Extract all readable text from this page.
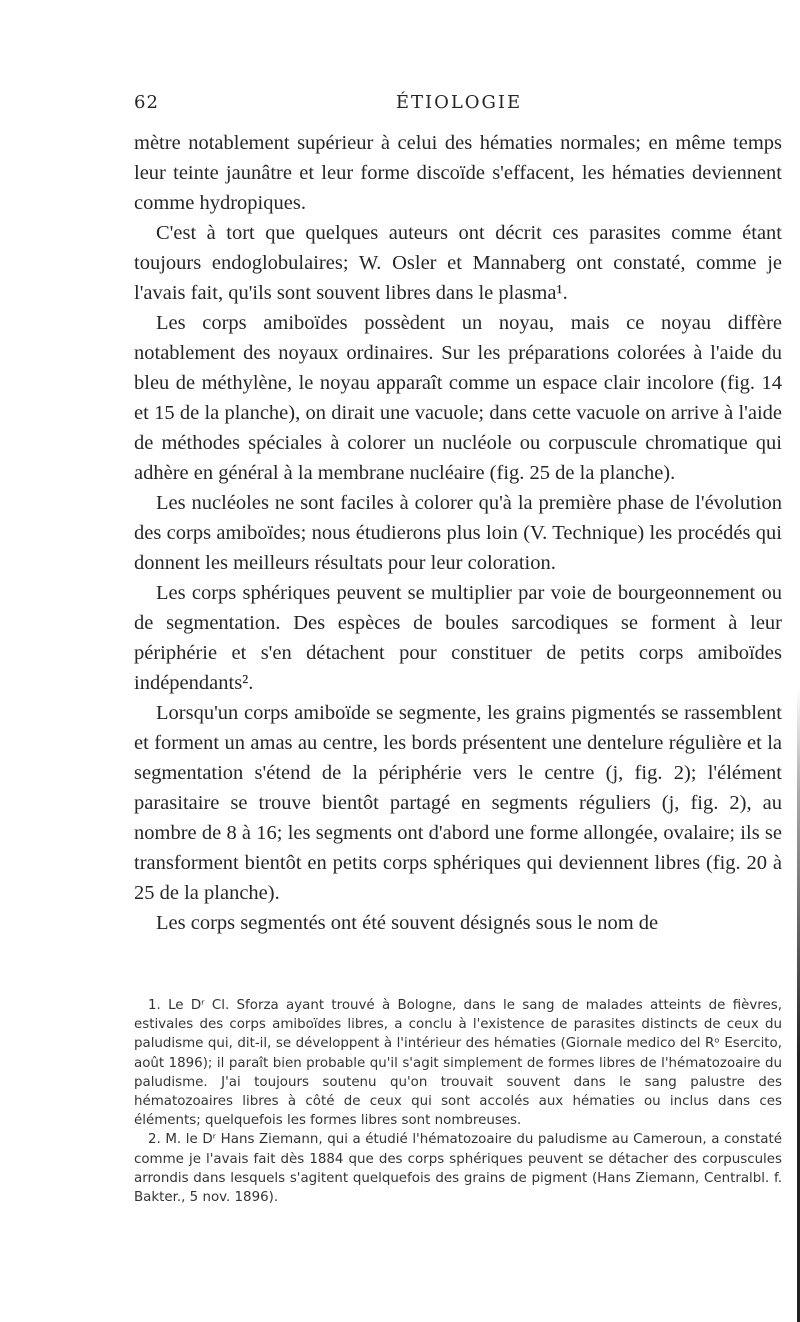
62	ÉTIOLOGIE

mètre notablement supérieur à celui des hématies normales; en même temps leur teinte jaunâtre et leur forme discoïde s'effacent, les hématies deviennent comme hydropiques.

C'est à tort que quelques auteurs ont décrit ces parasites comme étant toujours endoglobulaires; W. Osler et Mannaberg ont constaté, comme je l'avais fait, qu'ils sont souvent libres dans le plasma¹.

Les corps amiboïdes possèdent un noyau, mais ce noyau diffère notablement des noyaux ordinaires. Sur les préparations colorées à l'aide du bleu de méthylène, le noyau apparaît comme un espace clair incolore (fig. 14 et 15 de la planche), on dirait une vacuole; dans cette vacuole on arrive à l'aide de méthodes spéciales à colorer un nucléole ou corpuscule chromatique qui adhère en général à la membrane nucléaire (fig. 25 de la planche).

Les nucléoles ne sont faciles à colorer qu'à la première phase de l'évolution des corps amiboïdes; nous étudierons plus loin (V. Technique) les procédés qui donnent les meilleurs résultats pour leur coloration.

Les corps sphériques peuvent se multiplier par voie de bourgeonnement ou de segmentation. Des espèces de boules sarcodiques se forment à leur périphérie et s'en détachent pour constituer de petits corps amiboïdes indépendants².

Lorsqu'un corps amiboïde se segmente, les grains pigmentés se rassemblent et forment un amas au centre, les bords présentent une dentelure régulière et la segmentation s'étend de la périphérie vers le centre (j, fig. 2); l'élément parasitaire se trouve bientôt partagé en segments réguliers (j, fig. 2), au nombre de 8 à 16; les segments ont d'abord une forme allongée, ovalaire; ils se transforment bientôt en petits corps sphériques qui deviennent libres (fig. 20 à 25 de la planche).

Les corps segmentés ont été souvent désignés sous le nom de

1. Le Dʳ Cl. Sforza ayant trouvé à Bologne, dans le sang de malades atteints de fièvres, estivales des corps amiboïdes libres, a conclu à l'existence de parasites distincts de ceux du paludisme qui, dit-il, se développent à l'intérieur des hématies (Giornale medico del Rᵒ Esercito, août 1896); il paraît bien probable qu'il s'agit simplement de formes libres de l'hématozoaire du paludisme. J'ai toujours soutenu qu'on trouvait souvent dans le sang palustre des hématozoaires libres à côté de ceux qui sont accolés aux hématies ou inclus dans ces éléments; quelquefois les formes libres sont nombreuses.

2. M. le Dʳ Hans Ziemann, qui a étudié l'hématozoaire du paludisme au Cameroun, a constaté comme je l'avais fait dès 1884 que des corps sphériques peuvent se détacher des corpuscules arrondis dans lesquels s'agitent quelquefois des grains de pigment (Hans Ziemann, Centralbl. f. Bakter., 5 nov. 1896).
